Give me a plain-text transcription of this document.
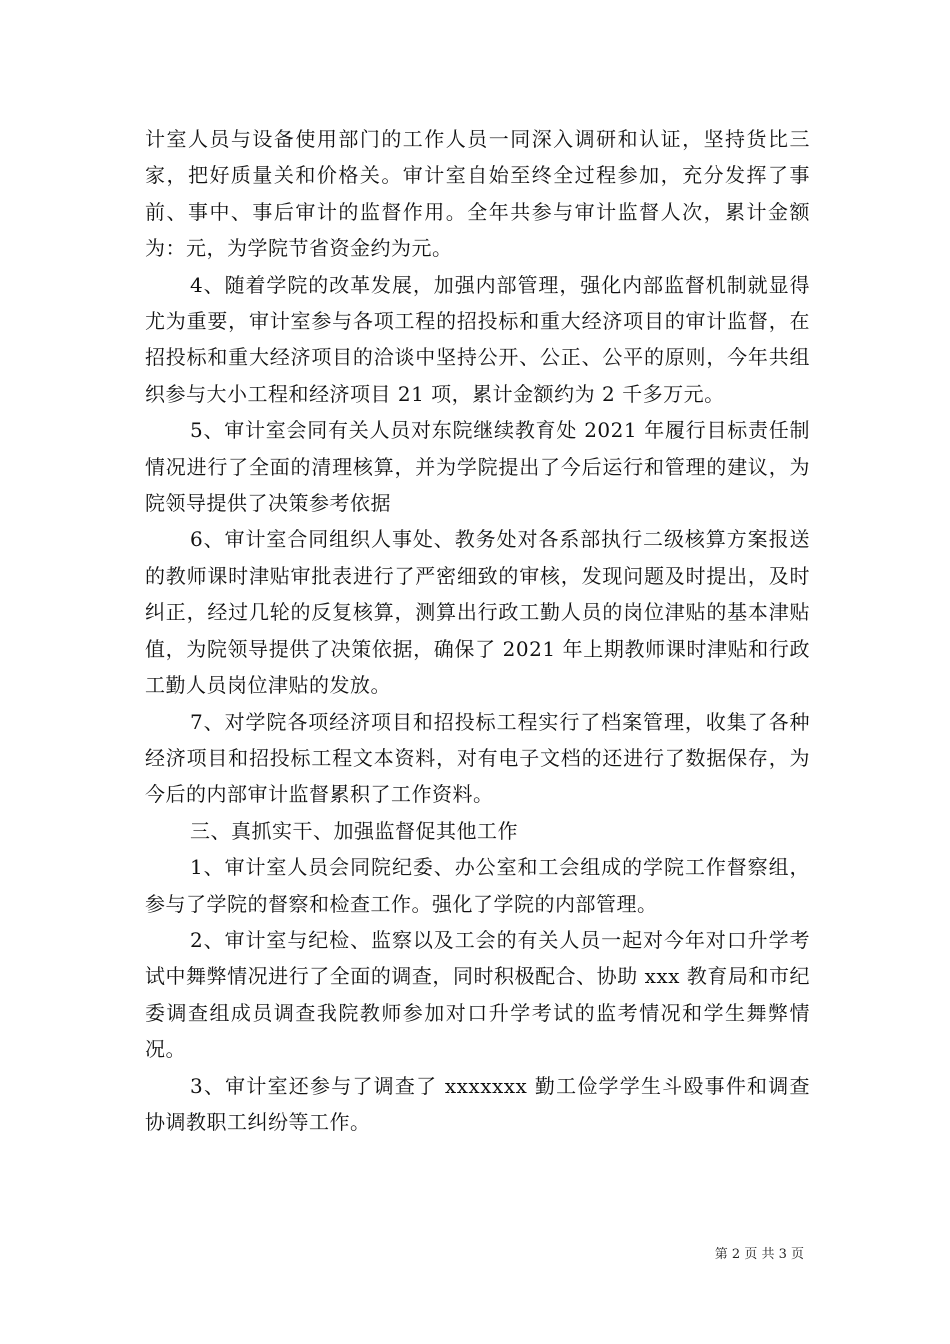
计室人员与设备使用部门的工作人员一同深入调研和认证，坚持货比三家，把好质量关和价格关。审计室自始至终全过程参加，充分发挥了事前、事中、事后审计的监督作用。全年共参与审计监督人次，累计金额为：元，为学院节省资金约为元。

4、随着学院的改革发展，加强内部管理，强化内部监督机制就显得尤为重要，审计室参与各项工程的招投标和重大经济项目的审计监督，在招投标和重大经济项目的洽谈中坚持公开、公正、公平的原则，今年共组织参与大小工程和经济项目 21 项，累计金额约为 2 千多万元。

5、审计室会同有关人员对东院继续教育处 2021 年履行目标责任制情况进行了全面的清理核算，并为学院提出了今后运行和管理的建议，为院领导提供了决策参考依据

6、审计室合同组织人事处、教务处对各系部执行二级核算方案报送的教师课时津贴审批表进行了严密细致的审核，发现问题及时提出，及时纠正，经过几轮的反复核算，测算出行政工勤人员的岗位津贴的基本津贴值，为院领导提供了决策依据，确保了 2021 年上期教师课时津贴和行政工勤人员岗位津贴的发放。

7、对学院各项经济项目和招投标工程实行了档案管理，收集了各种经济项目和招投标工程文本资料，对有电子文档的还进行了数据保存，为今后的内部审计监督累积了工作资料。

三、真抓实干、加强监督促其他工作

1、审计室人员会同院纪委、办公室和工会组成的学院工作督察组，参与了学院的督察和检查工作。强化了学院的内部管理。

2、审计室与纪检、监察以及工会的有关人员一起对今年对口升学考试中舞弊情况进行了全面的调查，同时积极配合、协助 xxx 教育局和市纪委调查组成员调查我院教师参加对口升学考试的监考情况和学生舞弊情况。

3、审计室还参与了调查了 xxxxxxx 勤工俭学学生斗殴事件和调查协调教职工纠纷等工作。

第 2 页 共 3 页
